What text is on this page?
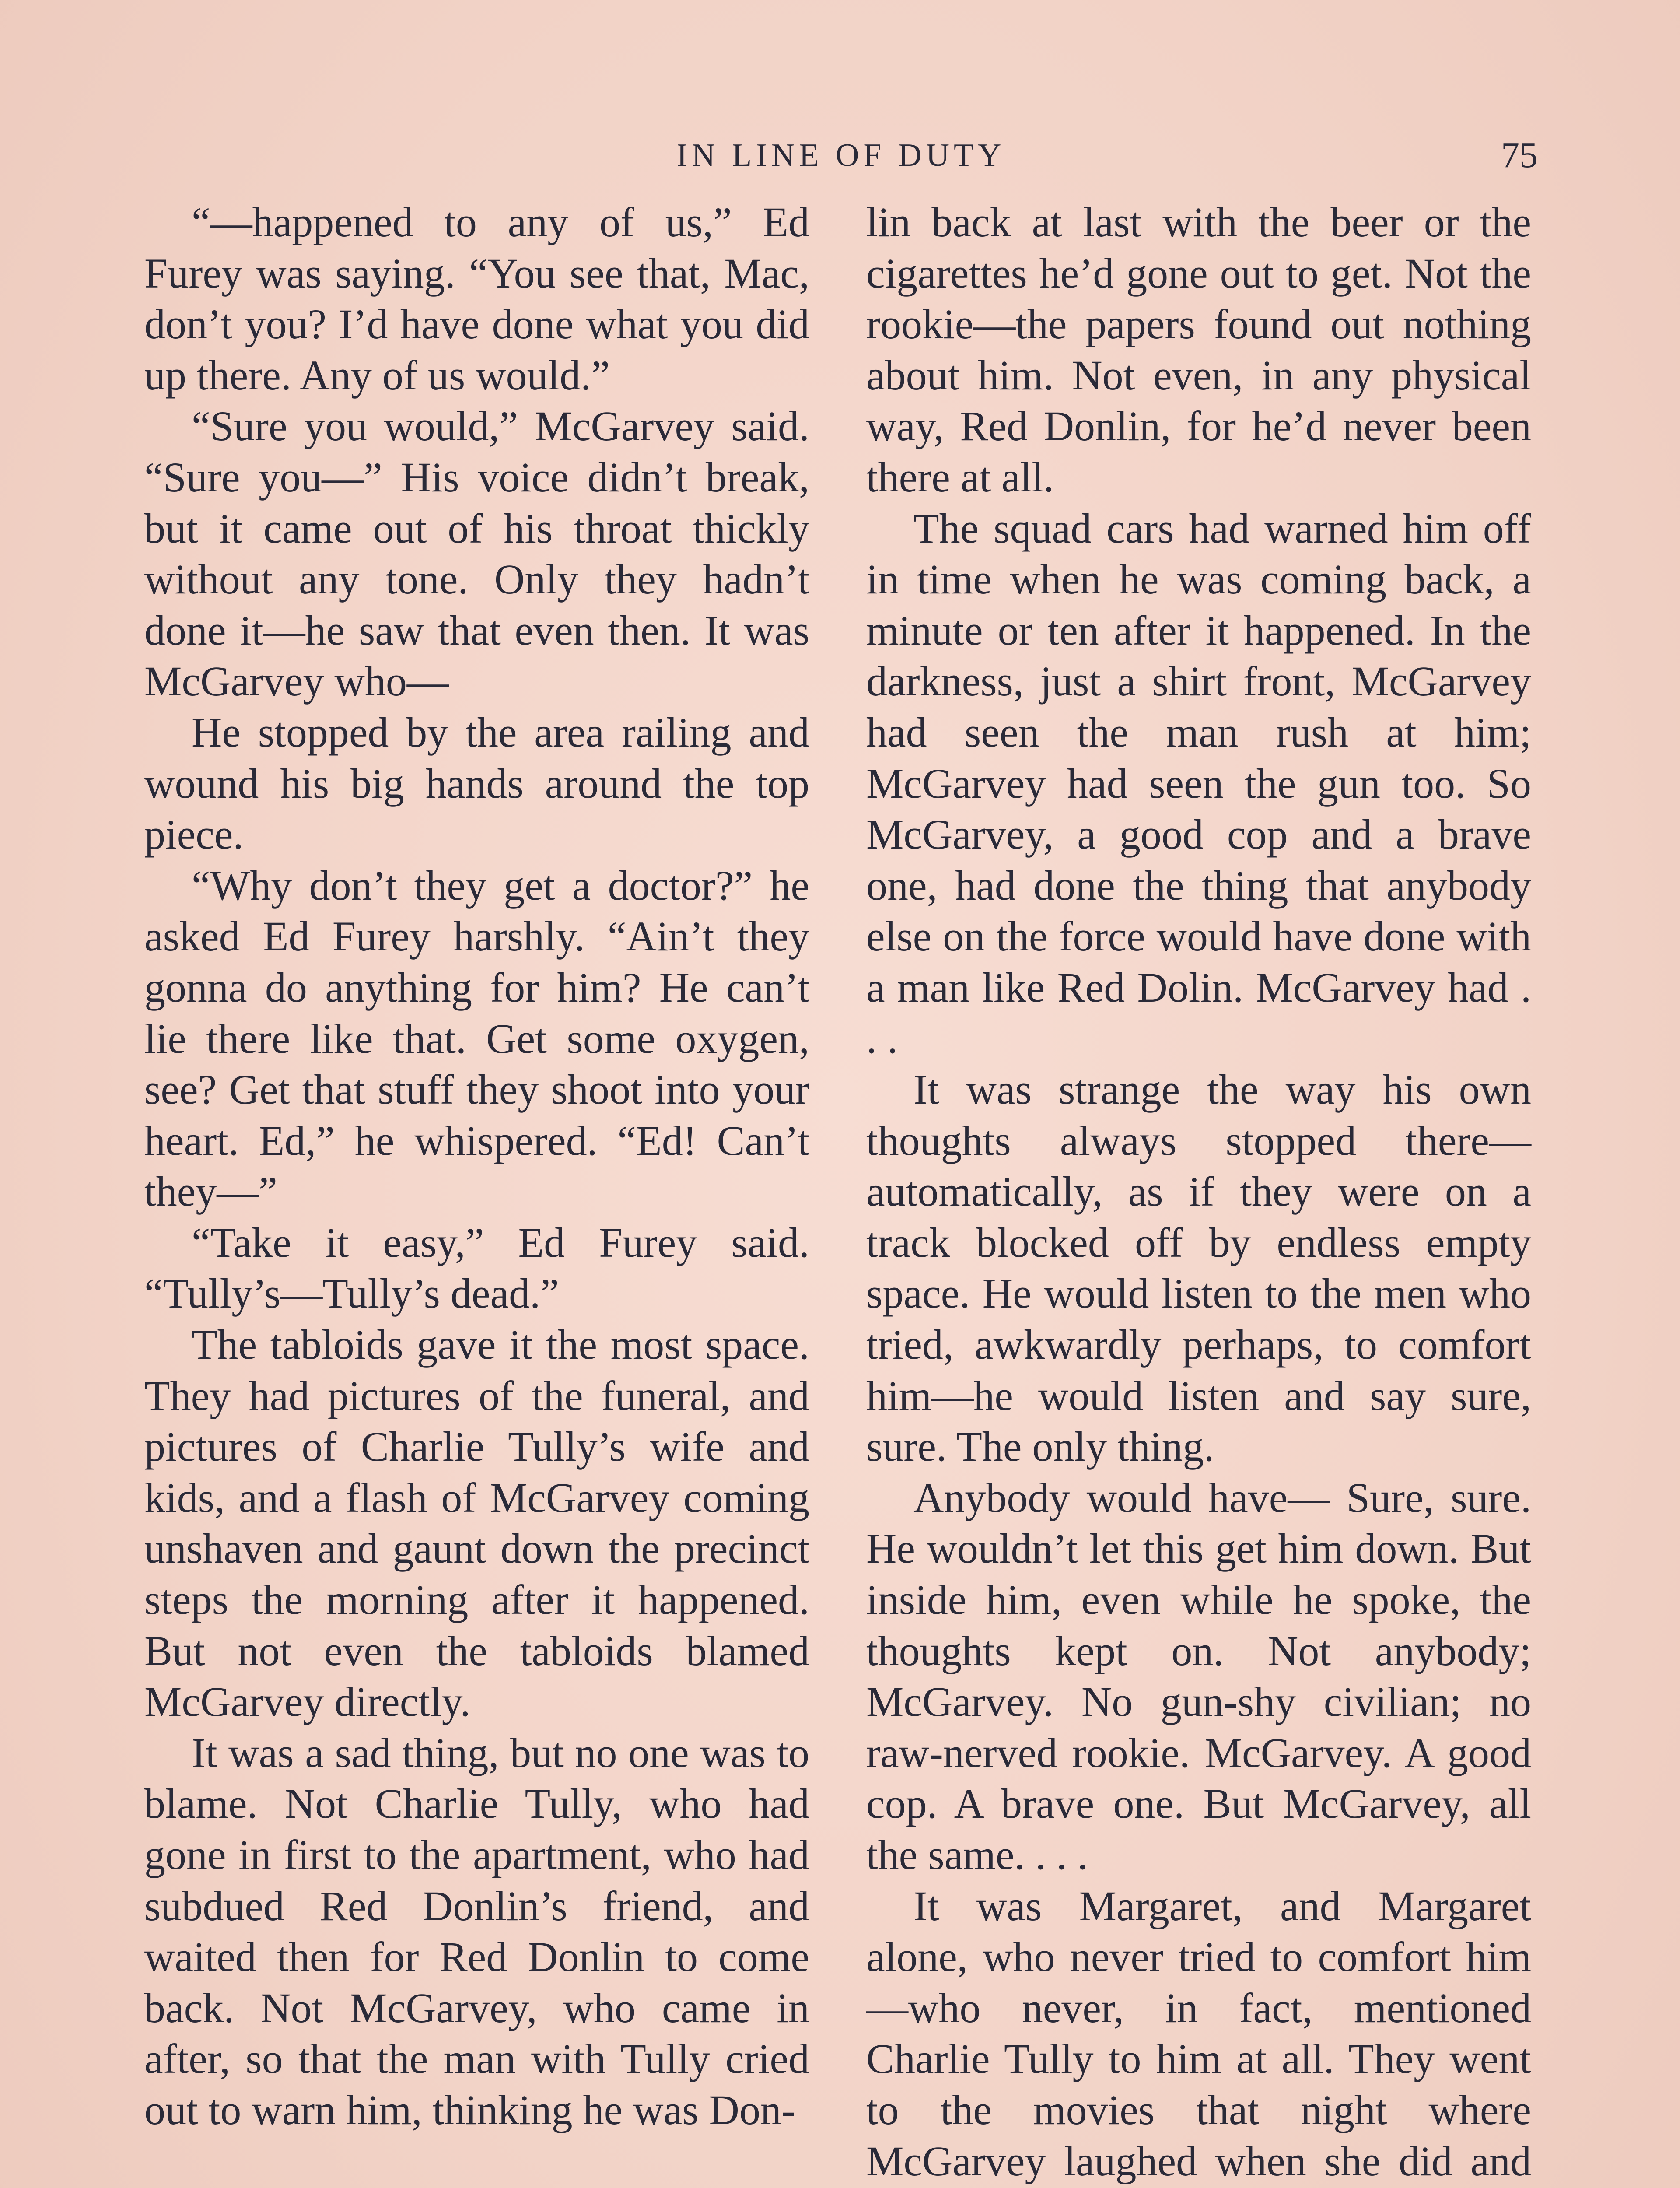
IN LINE OF DUTY	75

“—happened to any of us,” Ed Furey was saying. “You see that, Mac, don’t you? I’d have done what you did up there. Any of us would.”

“Sure you would,” McGarvey said. “Sure you—” His voice didn’t break, but it came out of his throat thickly without any tone. Only they hadn’t done it—he saw that even then. It was McGarvey who—

He stopped by the area railing and wound his big hands around the top piece.

“Why don’t they get a doctor?” he asked Ed Furey harshly. “Ain’t they gonna do anything for him? He can’t lie there like that. Get some oxygen, see? Get that stuff they shoot into your heart. Ed,” he whispered. “Ed! Can’t they—”

“Take it easy,” Ed Furey said. “Tully’s—Tully’s dead.”

The tabloids gave it the most space. They had pictures of the funeral, and pictures of Charlie Tully’s wife and kids, and a flash of McGarvey coming unshaven and gaunt down the precinct steps the morning after it happened. But not even the tabloids blamed McGarvey directly.

It was a sad thing, but no one was to blame. Not Charlie Tully, who had gone in first to the apartment, who had subdued Red Donlin’s friend, and waited then for Red Donlin to come back. Not McGarvey, who came in after, so that the man with Tully cried out to warn him, thinking he was Don-

lin back at last with the beer or the cigarettes he’d gone out to get. Not the rookie—the papers found out nothing about him. Not even, in any physical way, Red Donlin, for he’d never been there at all.

The squad cars had warned him off in time when he was coming back, a minute or ten after it happened. In the darkness, just a shirt front, McGarvey had seen the man rush at him; McGarvey had seen the gun too. So McGarvey, a good cop and a brave one, had done the thing that anybody else on the force would have done with a man like Red Dolin. McGarvey had . . .

It was strange the way his own thoughts always stopped there—automatically, as if they were on a track blocked off by endless empty space. He would listen to the men who tried, awkwardly perhaps, to comfort him—he would listen and say sure, sure. The only thing.

Anybody would have— Sure, sure. He wouldn’t let this get him down. But inside him, even while he spoke, the thoughts kept on. Not anybody; McGarvey. No gun-shy civilian; no raw-nerved rookie. McGarvey. A good cop. A brave one. But McGarvey, all the same. . . .

It was Margaret, and Margaret alone, who never tried to comfort him—who never, in fact, mentioned Charlie Tully to him at all. They went to the movies that night where McGarvey laughed when she did and
